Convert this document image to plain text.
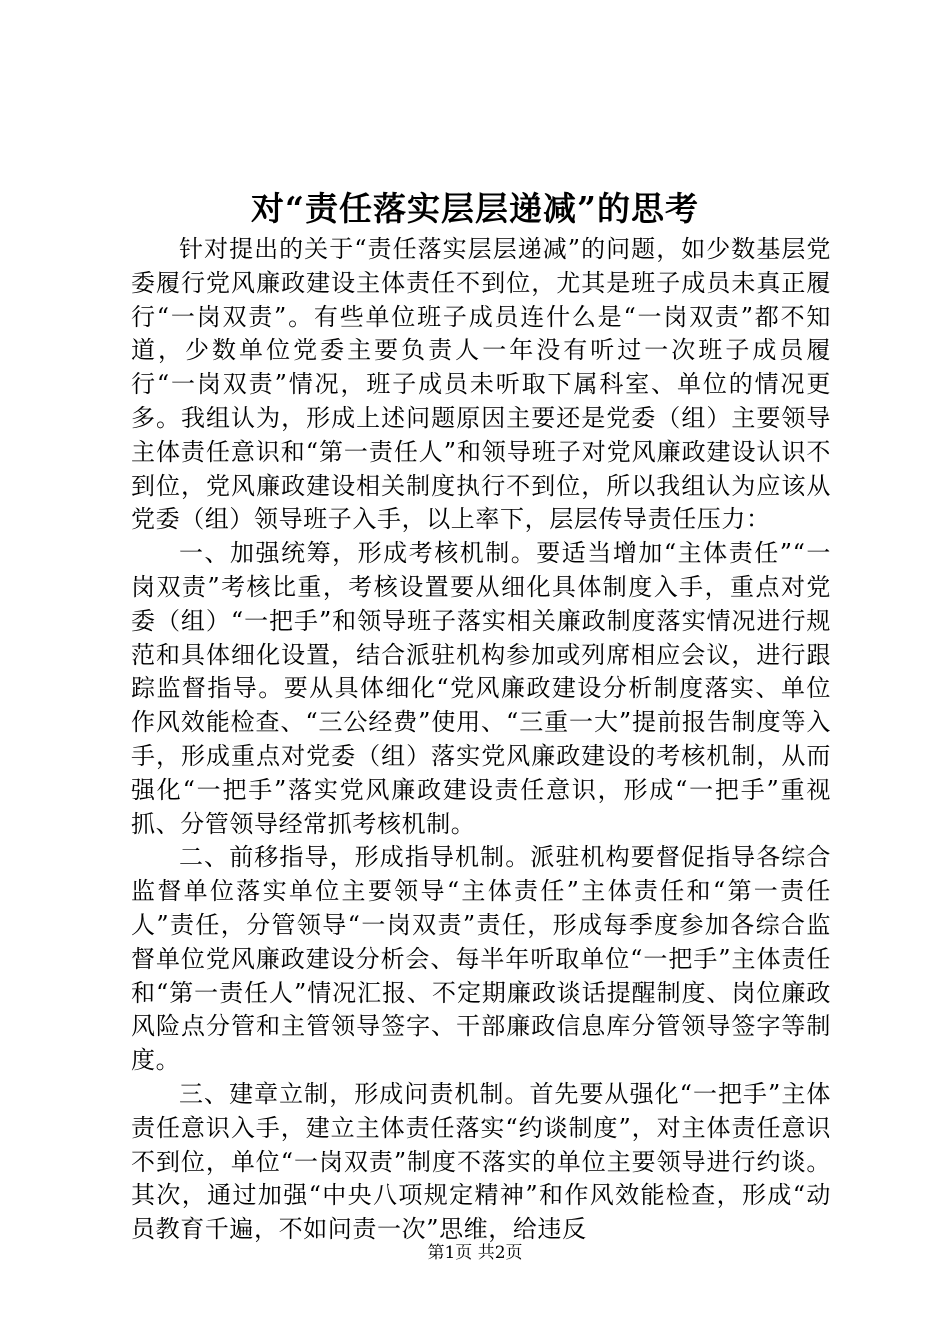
对“责任落实层层递减”的思考

针对提出的关于“责任落实层层递减”的问题，如少数基层党委履行党风廉政建设主体责任不到位，尤其是班子成员未真正履行“一岗双责”。有些单位班子成员连什么是“一岗双责”都不知道，少数单位党委主要负责人一年没有听过一次班子成员履行“一岗双责”情况，班子成员未听取下属科室、单位的情况更多。我组认为，形成上述问题原因主要还是党委（组）主要领导主体责任意识和“第一责任人”和领导班子对党风廉政建设认识不到位，党风廉政建设相关制度执行不到位，所以我组认为应该从党委（组）领导班子入手，以上率下，层层传导责任压力：

一、加强统筹，形成考核机制。要适当增加“主体责任”“一岗双责”考核比重，考核设置要从细化具体制度入手，重点对党委（组）“一把手”和领导班子落实相关廉政制度落实情况进行规范和具体细化设置，结合派驻机构参加或列席相应会议，进行跟踪监督指导。要从具体细化“党风廉政建设分析制度落实、单位作风效能检查、“三公经费”使用、“三重一大”提前报告制度等入手，形成重点对党委（组）落实党风廉政建设的考核机制，从而强化“一把手”落实党风廉政建设责任意识，形成“一把手”重视抓、分管领导经常抓考核机制。

二、前移指导，形成指导机制。派驻机构要督促指导各综合监督单位落实单位主要领导“主体责任”主体责任和“第一责任人”责任，分管领导“一岗双责”责任，形成每季度参加各综合监督单位党风廉政建设分析会、每半年听取单位“一把手”主体责任和“第一责任人”情况汇报、不定期廉政谈话提醒制度、岗位廉政风险点分管和主管领导签字、干部廉政信息库分管领导签字等制度。

三、建章立制，形成问责机制。首先要从强化“一把手”主体责任意识入手，建立主体责任落实“约谈制度”，对主体责任意识不到位，单位“一岗双责”制度不落实的单位主要领导进行约谈。其次，通过加强“中央八项规定精神”和作风效能检查，形成“动员教育千遍，不如问责一次”思维，给违反

第1页 共2页
